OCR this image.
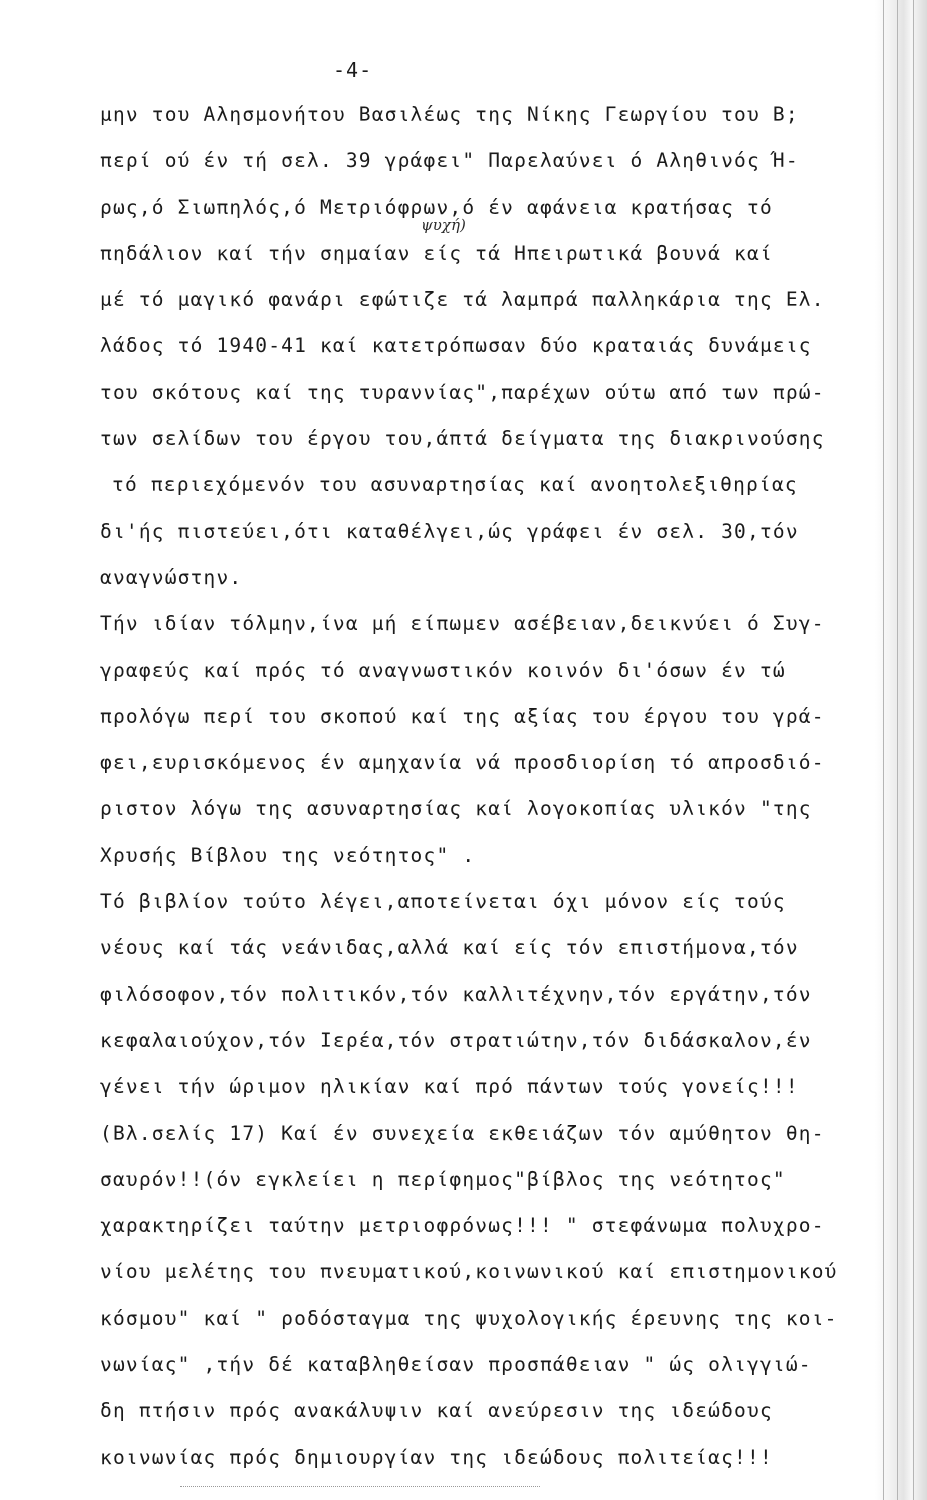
-4-
ψυχή)
μην του Αλησμονήτου Βασιλέως της Νίκης Γεωργίου του Β;
περί ού έν τή σελ. 39 γράφει" Παρελαύνει ό Αληθινός Ή-
ρως,ό Σιωπηλός,ό Μετριόφρων,ό έν αφάνεια κρατήσας τό
πηδάλιον καί τήν σημαίαν είς τά Ηπειρωτικά βουνά καί
μέ τό μαγικό φανάρι εφώτιζε τά λαμπρά παλληκάρια της Ελ.
λάδος τό 1940-41 καί κατετρόπωσαν δύο κραταιάς δυνάμεις
του σκότους καί της τυραννίας",παρέχων ούτω από των πρώ-
των σελίδων του έργου του,άπτά δείγματα της διακρινούσης
τό περιεχόμενόν του ασυναρτησίας καί ανοητολεξιθηρίας
δι'ής πιστεύει,ότι καταθέλγει,ώς γράφει έν σελ. 30,τόν
αναγνώστην.
Τήν ιδίαν τόλμην,ίνα μή είπωμεν ασέβειαν,δεικνύει ό Συγ-
γραφεύς καί πρός τό αναγνωστικόν κοινόν δι'όσων έν τώ
προλόγω περί του σκοπού καί της αξίας του έργου του γρά-
φει,ευρισκόμενος έν αμηχανία νά προσδιορίση τό απροσδιό-
ριστον λόγω της ασυναρτησίας καί λογοκοπίας υλικόν "της
Χρυσής Βίβλου της νεότητος" .
Τό βιβλίον τούτο λέγει,αποτείνεται όχι μόνον είς τούς
νέους καί τάς νεάνιδας,αλλά καί είς τόν επιστήμονα,τόν
φιλόσοφον,τόν πολιτικόν,τόν καλλιτέχνην,τόν εργάτην,τόν
κεφαλαιούχον,τόν Ιερέα,τόν στρατιώτην,τόν διδάσκαλον,έν
γένει τήν ώριμον ηλικίαν καί πρό πάντων τούς γονείς!!!
(Βλ.σελίς 17) Καί έν συνεχεία εκθειάζων τόν αμύθητον θη-
σαυρόν!!(όν εγκλείει η περίφημος"βίβλος της νεότητος"
χαρακτηρίζει ταύτην μετριοφρόνως!!! " στεφάνωμα πολυχρο-
νίου μελέτης του πνευματικού,κοινωνικού καί επιστημονικού
κόσμου" καί " ροδόσταγμα της ψυχολογικής έρευνης της κοι-
νωνίας" ,τήν δέ καταβληθείσαν προσπάθειαν " ώς ολιγγιώ-
δη πτήσιν πρός ανακάλυψιν καί ανεύρεσιν της ιδεώδους
κοινωνίας πρός δημιουργίαν της ιδεώδους πολιτείας!!!
